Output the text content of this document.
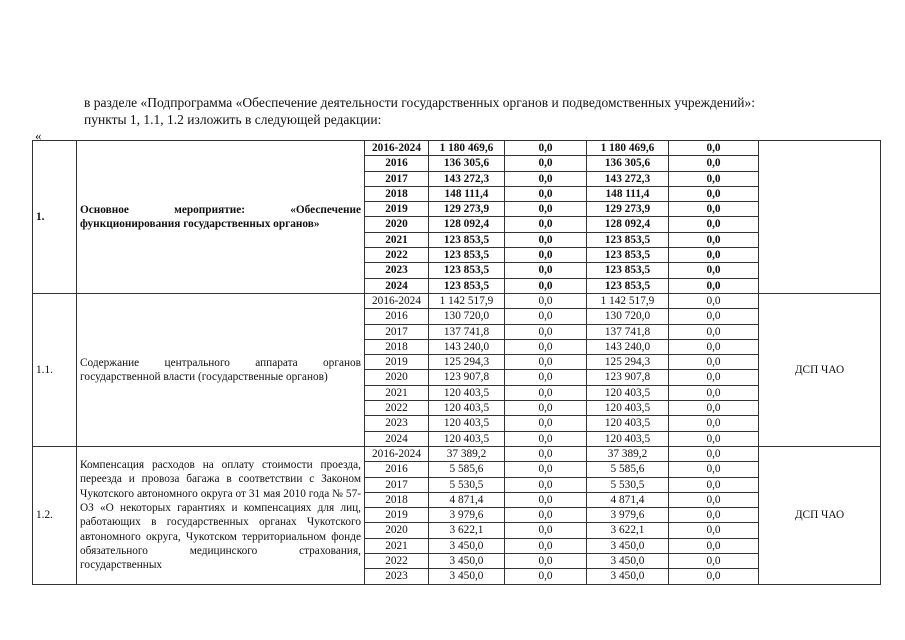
в разделе «Подпрограмма «Обеспечение деятельности государственных органов и подведомственных учреждений»:

пункты 1, 1.1, 1.2 изложить в следующей редакции:

«
1.	Основное мероприятие: «Обеспечение функционирования государственных органов»	2016-2024	1 180 469,6	0,0	1 180 469,6	0,0	
		2016	136 305,6	0,0	136 305,6	0,0	
		2017	143 272,3	0,0	143 272,3	0,0	
		2018	148 111,4	0,0	148 111,4	0,0	
		2019	129 273,9	0,0	129 273,9	0,0	
		2020	128 092,4	0,0	128 092,4	0,0	
		2021	123 853,5	0,0	123 853,5	0,0	
		2022	123 853,5	0,0	123 853,5	0,0	
		2023	123 853,5	0,0	123 853,5	0,0	
		2024	123 853,5	0,0	123 853,5	0,0	
1.1.	Содержание центрального аппарата органов государственной власти (государственные органов)	2016-2024	1 142 517,9	0,0	1 142 517,9	0,0	ДСП ЧАО
		2016	130 720,0	0,0	130 720,0	0,0	
		2017	137 741,8	0,0	137 741,8	0,0	
		2018	143 240,0	0,0	143 240,0	0,0	
		2019	125 294,3	0,0	125 294,3	0,0	
		2020	123 907,8	0,0	123 907,8	0,0	
		2021	120 403,5	0,0	120 403,5	0,0	
		2022	120 403,5	0,0	120 403,5	0,0	
		2023	120 403,5	0,0	120 403,5	0,0	
		2024	120 403,5	0,0	120 403,5	0,0	
1.2.	Компенсация расходов на оплату стоимости проезда, переезда и провоза багажа в соответствии с Законом Чукотского автономного округа от 31 мая 2010 года № 57-ОЗ «О некоторых гарантиях и компенсациях для лиц, работающих в государственных органах Чукотского автономного округа, Чукотском территориальном фонде обязательного медицинского страхования, государственных	2016-2024	37 389,2	0,0	37 389,2	0,0	ДСП ЧАО
		2016	5 585,6	0,0	5 585,6	0,0	
		2017	5 530,5	0,0	5 530,5	0,0	
		2018	4 871,4	0,0	4 871,4	0,0	
		2019	3 979,6	0,0	3 979,6	0,0	
		2020	3 622,1	0,0	3 622,1	0,0	
		2021	3 450,0	0,0	3 450,0	0,0	
		2022	3 450,0	0,0	3 450,0	0,0	
		2023	3 450,0	0,0	3 450,0	0,0	
